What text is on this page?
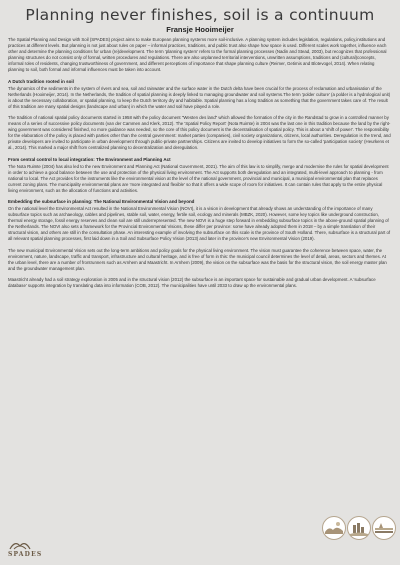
Planning never finishes, soil is a continuum
Fransje Hooimeijer

The Spatial Planning and Design with Soil (SPADES) project aims to make European planning systems more soil-inclusive. A planning system includes legislation, regulations, policy,institutions and practices at different levels. But planning is not just about rules on paper – informal practices, traditions, and public trust also shape how space is used. Different scales work together, influence each other and determine the planning conditions for urban (re)development. The term 'planning system' refers to the formal planning processes (Nadin and Stead, 2003), but recognizes that professional planning structures do not consist only of formal, written procedures and regulations. There are also unplanned territorial interventions, unwritten assumptions, traditions and (cultural)concepts, informal roles of residents, changing trustworthiness of government, and different perceptions of importance that shape planning culture (Reimer, Getimis and Blotevogel, 2014). When relating planning to soil, both formal and informal influences must be taken into account.

A Dutch tradition rooted in soil

The dynamics of the sediments in the system of rivers and sea, soil and rainwater and the surface water in the Dutch delta have been crucial for the process of reclamation and urbanisation of the Netherlands (Hooimeijer, 2014). In the Netherlands, the tradition of spatial planning is deeply linked to managing groundwater and soil systems.The term 'polder culture' (a polder is a hydrological unit) is about the necessary collaboration, or spatial planning, to keep the Dutch territory dry and habitable. Spatial planning has a long tradition as something that the government takes care of. The result of this tradition are many spatial designs (landscape and urban) in which the water and soil have played a role.

The tradition of national spatial policy documents started in 1958 with the policy document "Westen des land" which allowed the formation of the city in the Randstad to grow in a controlled manner by means of a series of successive policy documents (van der Cammen and Klerk, 2012). The 'Spatial Policy Report' (Nota Ruimte) in 2004 was the last one in this tradition because the land by the right-wing government was considered finished, no more guidance was needed, so the core of this policy document is the decentralisation of spatial policy. This is about a 'shift of power'. The responsibility for the elaboration of the policy is placed with parties other than the central government: market parties (companies), civil society organizations, citizens, local authorities. Deregulation is the trend, and private developers are invited to participate in urban development through public-private partnerships. Citizens are invited to develop initiatives to form the so-called 'participation society' (Heurkens et al., 2014). This marked a major shift from centralized planning to decentralization and deregulation.

From central control to local integration: The Environment and Planning Act

The Nota Ruimte (2004) has also led to the new Environment and Planning Act (National Government, 2021). The aim of this law is to simplify, merge and modernise the rules for spatial development in order to achieve a good balance between the use and protection of the physical living environment. The Act supports both deregulation and an integrated, multi-level approach to planning - from national to local. The Act provides for the instruments like the environmental vision at the level of the national government, provincial and municipal, a municipal environmental plan that replaces current zoning plans. The municipality environmental plans are 'more integrated and flexible' so that it offers a wide scope of room for initiatives. It can contain rules that apply to the entire physical living environment, such as the allocation of functions and activities.

Embedding the subsurface in planning: The National Environmental Vision and beyond

On the national level the Environmental Act resulted in the National Environmental Vision (NOVI), it is a vision in development that already shows an understanding of the importance of many subsurface topics such as archaeology, cables and pipelines, stable soil, water, energy, fertile soil, ecology and minerals (MBZK, 2020). However, some key topics like underground construction, thermal energy storage, fossil energy reserves and clean soil are still underrepresented. The new NOVI is a huge step forward in embedding subsurface topics in the above-ground spatial planning of the Netherlands. The NOVI also sets a framework for the Provincial Environmental Visions, these differ per province: some have already adopted them in 2018 – by a simple translation of their structural vision, and others are still in the consultation phase. An interesting example of involving the subsurface on this scale is the province of South Holland. There, subsurface is a structural part of all relevant spatial planning processes, first laid down in a Soil and Subsurface Policy Vision (2013) and later in the province's new Environmental Vision (2019).

The new municipal Environmental Vision sets out the long-term ambitions and policy goals for the physical living environment. The vision must guarantee the coherence between space, water, the environment, nature, landscape, traffic and transport, infrastructure and cultural heritage, and is free of form in this: the municipal council determines the level of detail, areas, sectors and themes. At the urban level, there are a number of frontrunners such as Arnhem and Maastricht. In Arnhem (2009), the vision on the subsurface was the basis for the structural vision, the soil energy master plan and the groundwater management plan.

Maastricht already had a soil strategy exploration in 2005 and in the structural vision (2012) the subsurface is an important space for sustainable and gradual urban development. A 'subsurface database' supports integration by translating data into information (COB, 2012). The municipalities have until 2033 to draw up the environmental plans.

SPADES
